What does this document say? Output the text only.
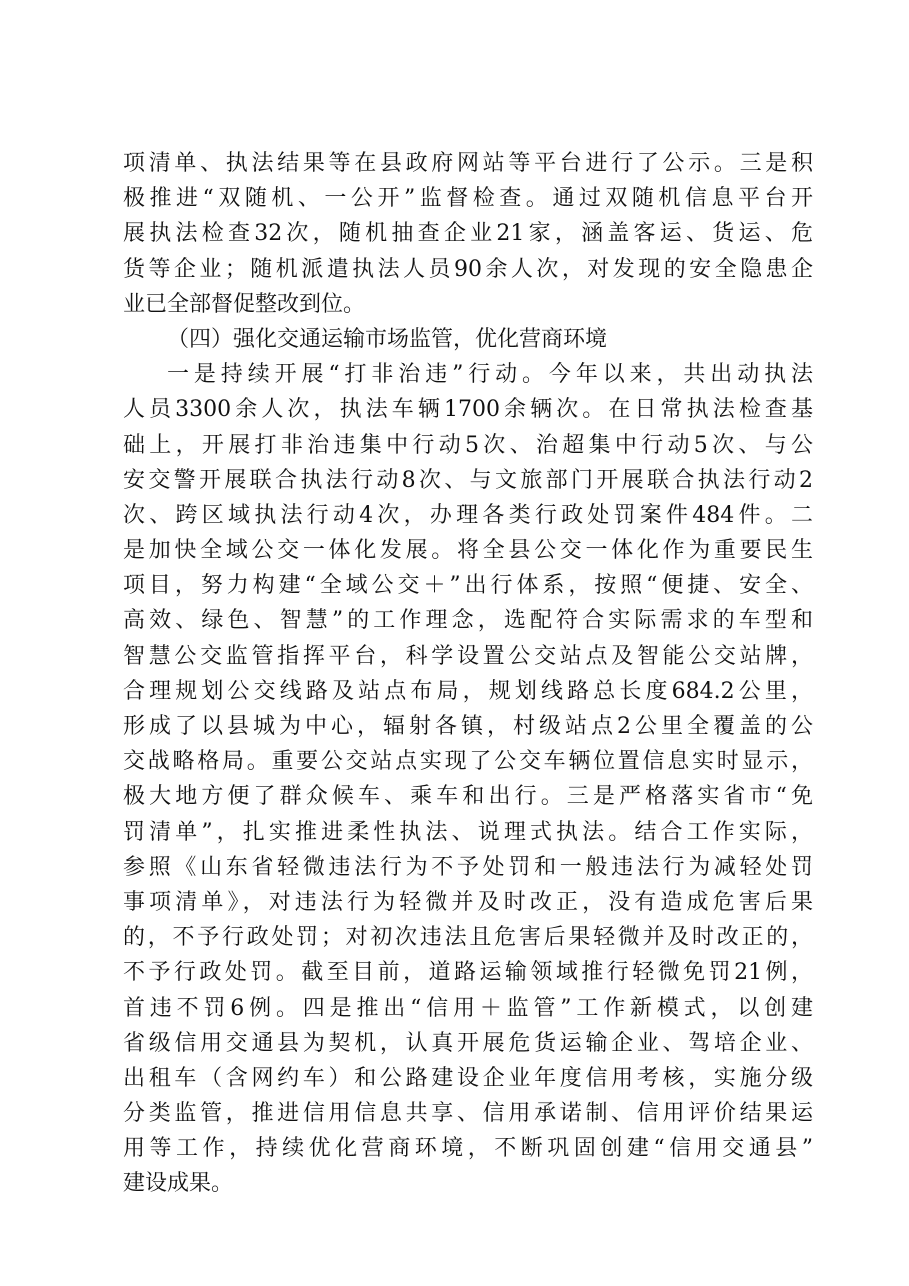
项清单、执法结果等在县政府网站等平台进行了公示。三是积
极推进“双随机、一公开”监督检查。通过双随机信息平台开
展执法检查32次，随机抽查企业21家，涵盖客运、货运、危
货等企业；随机派遣执法人员90余人次，对发现的安全隐患企
业已全部督促整改到位。
（四）强化交通运输市场监管，优化营商环境
一是持续开展“打非治违”行动。今年以来，共出动执法
人员3300余人次，执法车辆1700余辆次。在日常执法检查基
础上，开展打非治违集中行动5次、治超集中行动5次、与公
安交警开展联合执法行动8次、与文旅部门开展联合执法行动2
次、跨区域执法行动4次，办理各类行政处罚案件484件。二
是加快全域公交一体化发展。将全县公交一体化作为重要民生
项目，努力构建“全域公交＋”出行体系，按照“便捷、安全、
高效、绿色、智慧”的工作理念，选配符合实际需求的车型和
智慧公交监管指挥平台，科学设置公交站点及智能公交站牌，
合理规划公交线路及站点布局，规划线路总长度684.2公里，
形成了以县城为中心，辐射各镇，村级站点2公里全覆盖的公
交战略格局。重要公交站点实现了公交车辆位置信息实时显示，
极大地方便了群众候车、乘车和出行。三是严格落实省市“免
罚清单”，扎实推进柔性执法、说理式执法。结合工作实际，
参照《山东省轻微违法行为不予处罚和一般违法行为减轻处罚
事项清单》，对违法行为轻微并及时改正，没有造成危害后果
的，不予行政处罚；对初次违法且危害后果轻微并及时改正的，
不予行政处罚。截至目前，道路运输领域推行轻微免罚21例，
首违不罚6例。四是推出“信用＋监管”工作新模式，以创建
省级信用交通县为契机，认真开展危货运输企业、驾培企业、
出租车（含网约车）和公路建设企业年度信用考核，实施分级
分类监管，推进信用信息共享、信用承诺制、信用评价结果运
用等工作，持续优化营商环境，不断巩固创建“信用交通县”
建设成果。
